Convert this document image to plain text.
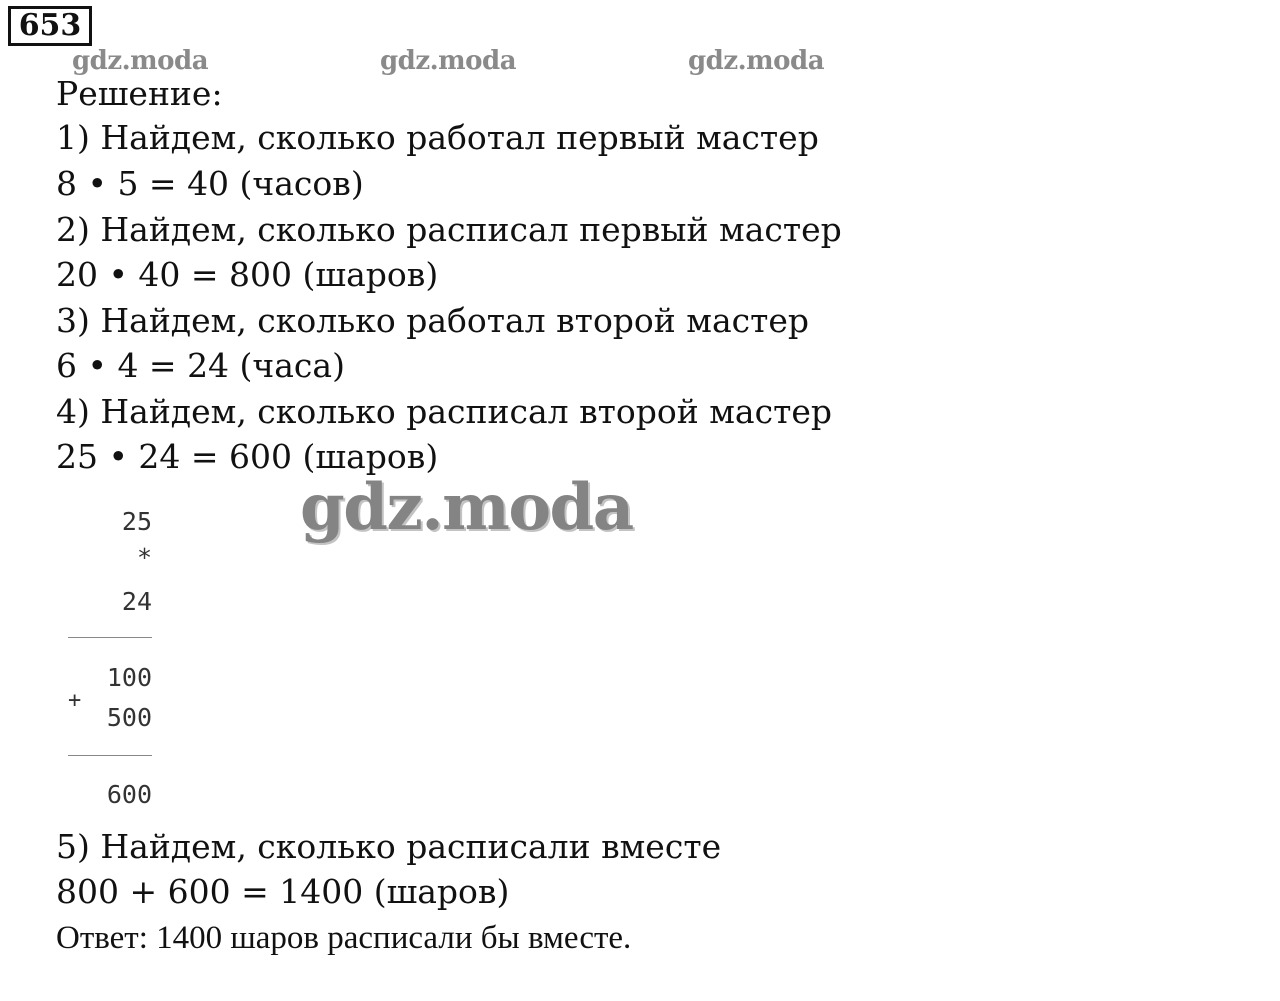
653
gdz.moda	gdz.moda	gdz.moda
Решение:
1) Найдем, сколько работал первый мастер
8 • 5 = 40 (часов)
2) Найдем, сколько расписал первый мастер
20 • 40 = 800 (шаров)
3) Найдем, сколько работал второй мастер
6 • 4 = 24 (часа)
4) Найдем, сколько расписал второй мастер
25 • 24 = 600 (шаров)
25
*
24
100
+
500
600
gdz.moda
5) Найдем, сколько расписали вместе
800 + 600 = 1400 (шаров)
Ответ: 1400 шаров расписали бы вместе.
